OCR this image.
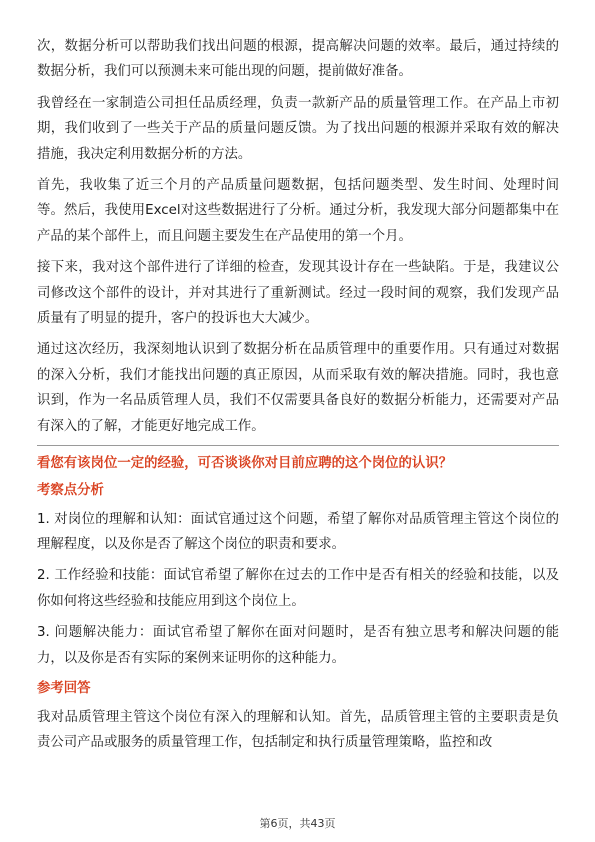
次，数据分析可以帮助我们找出问题的根源，提高解决问题的效率。最后，通过持续的数据分析，我们可以预测未来可能出现的问题，提前做好准备。

我曾经在一家制造公司担任品质经理，负责一款新产品的质量管理工作。在产品上市初期，我们收到了一些关于产品的质量问题反馈。为了找出问题的根源并采取有效的解决措施，我决定利用数据分析的方法。

首先，我收集了近三个月的产品质量问题数据，包括问题类型、发生时间、处理时间等。然后，我使用Excel对这些数据进行了分析。通过分析，我发现大部分问题都集中在产品的某个部件上，而且问题主要发生在产品使用的第一个月。

接下来，我对这个部件进行了详细的检查，发现其设计存在一些缺陷。于是，我建议公司修改这个部件的设计，并对其进行了重新测试。经过一段时间的观察，我们发现产品质量有了明显的提升，客户的投诉也大大减少。

通过这次经历，我深刻地认识到了数据分析在品质管理中的重要作用。只有通过对数据的深入分析，我们才能找出问题的真正原因，从而采取有效的解决措施。同时，我也意识到，作为一名品质管理人员，我们不仅需要具备良好的数据分析能力，还需要对产品有深入的了解，才能更好地完成工作。

看您有该岗位一定的经验，可否谈谈你对目前应聘的这个岗位的认识？
考察点分析

1. 对岗位的理解和认知：面试官通过这个问题，希望了解你对品质管理主管这个岗位的理解程度，以及你是否了解这个岗位的职责和要求。

2. 工作经验和技能：面试官希望了解你在过去的工作中是否有相关的经验和技能，以及你如何将这些经验和技能应用到这个岗位上。

3. 问题解决能力：面试官希望了解你在面对问题时，是否有独立思考和解决问题的能力，以及你是否有实际的案例来证明你的这种能力。

参考回答

我对品质管理主管这个岗位有深入的理解和认知。首先，品质管理主管的主要职责是负责公司产品或服务的质量管理工作，包括制定和执行质量管理策略，监控和改

第6页，共43页
